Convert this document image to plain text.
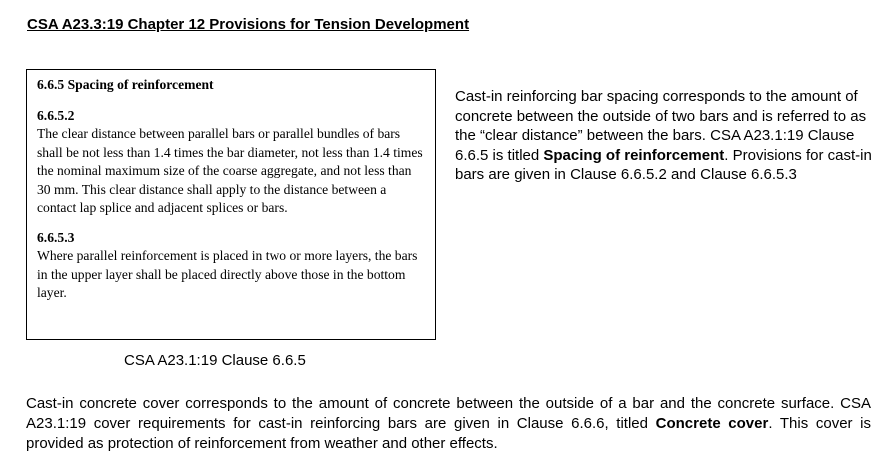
CSA A23.3:19 Chapter 12 Provisions for Tension Development

6.6.5 Spacing of reinforcement

6.6.5.2

The clear distance between parallel bars or parallel bundles of bars shall be not less than 1.4 times the bar diameter, not less than 1.4 times the nominal maximum size of the coarse aggregate, and not less than 30 mm. This clear distance shall apply to the distance between a contact lap splice and adjacent splices or bars.

6.6.5.3

Where parallel reinforcement is placed in two or more layers, the bars in the upper layer shall be placed directly above those in the bottom layer.

CSA A23.1:19 Clause 6.6.5
Cast-in reinforcing bar spacing corresponds to the amount of concrete between the outside of two bars and is referred to as the “clear distance” between the bars. CSA A23.1:19 Clause 6.6.5 is titled Spacing of reinforcement. Provisions for cast-in bars are given in Clause 6.6.5.2 and Clause 6.6.5.3
Cast-in concrete cover corresponds to the amount of concrete between the outside of a bar and the concrete surface. CSA A23.1:19 cover requirements for cast-in reinforcing bars are given in Clause 6.6.6, titled Concrete cover. This cover is provided as protection of reinforcement from weather and other effects.
